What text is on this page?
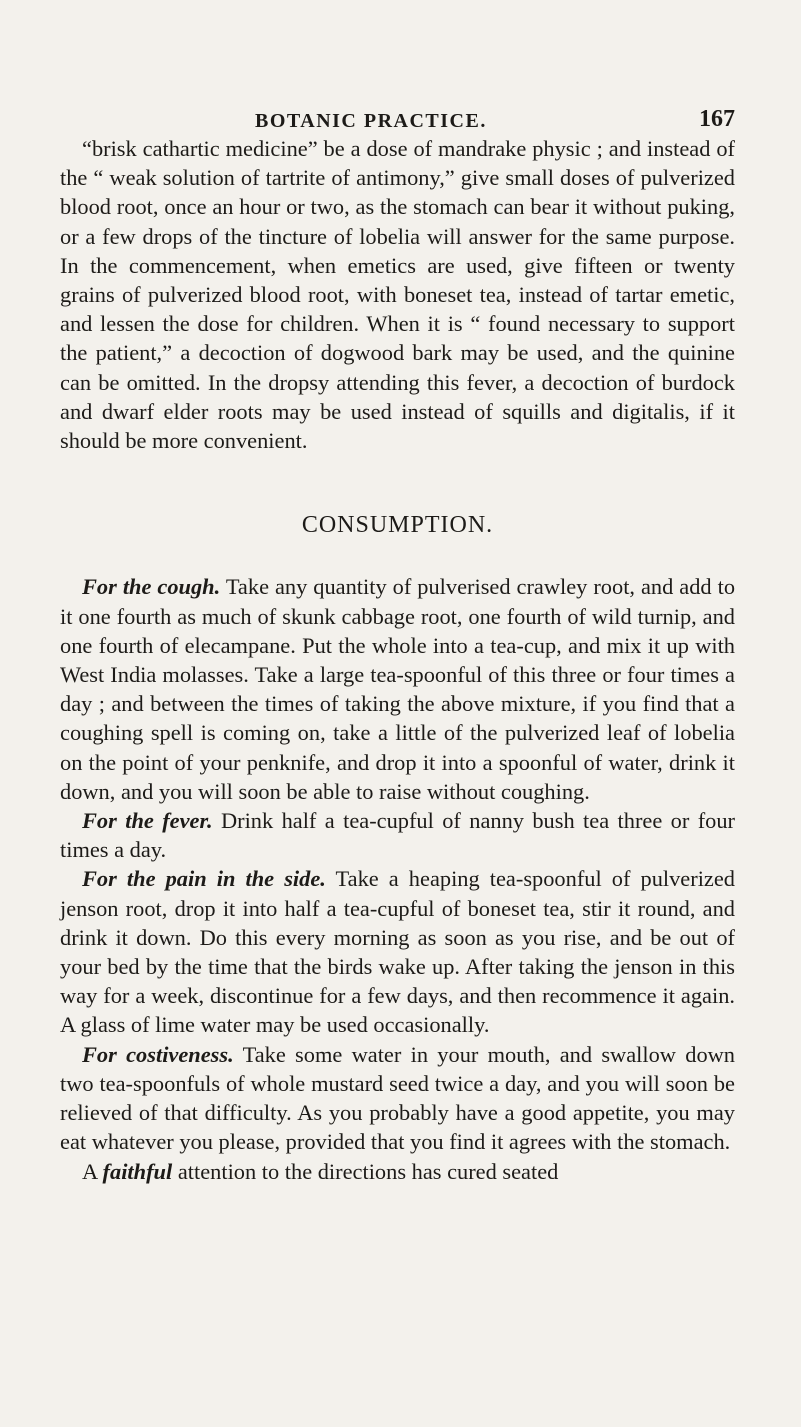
BOTANIC PRACTICE.	167

“brisk cathartic medicine” be a dose of mandrake physic ; and instead of the “ weak solution of tartrite of antimony,” give small doses of pulverized blood root, once an hour or two, as the stomach can bear it without puking, or a few drops of the tincture of lobelia will answer for the same purpose. In the commencement, when emetics are used, give fifteen or twenty grains of pulverized blood root, with boneset tea, instead of tartar emetic, and lessen the dose for children. When it is “ found necessary to support the patient,” a decoction of dogwood bark may be used, and the quinine can be omitted. In the dropsy attending this fever, a decoction of burdock and dwarf elder roots may be used instead of squills and digitalis, if it should be more convenient.

CONSUMPTION.

For the cough. Take any quantity of pulverised crawley root, and add to it one fourth as much of skunk cabbage root, one fourth of wild turnip, and one fourth of elecampane. Put the whole into a tea-cup, and mix it up with West India molasses. Take a large tea-spoonful of this three or four times a day ; and between the times of taking the above mixture, if you find that a coughing spell is coming on, take a little of the pulverized leaf of lobelia on the point of your penknife, and drop it into a spoonful of water, drink it down, and you will soon be able to raise without coughing.

For the fever. Drink half a tea-cupful of nanny bush tea three or four times a day.

For the pain in the side. Take a heaping tea-spoonful of pulverized jenson root, drop it into half a tea-cupful of boneset tea, stir it round, and drink it down. Do this every morning as soon as you rise, and be out of your bed by the time that the birds wake up. After taking the jenson in this way for a week, discontinue for a few days, and then recommence it again. A glass of lime water may be used occasionally.

For costiveness. Take some water in your mouth, and swallow down two tea-spoonfuls of whole mustard seed twice a day, and you will soon be relieved of that difficulty. As you probably have a good appetite, you may eat whatever you please, provided that you find it agrees with the stomach.

A faithful attention to the directions has cured seated
